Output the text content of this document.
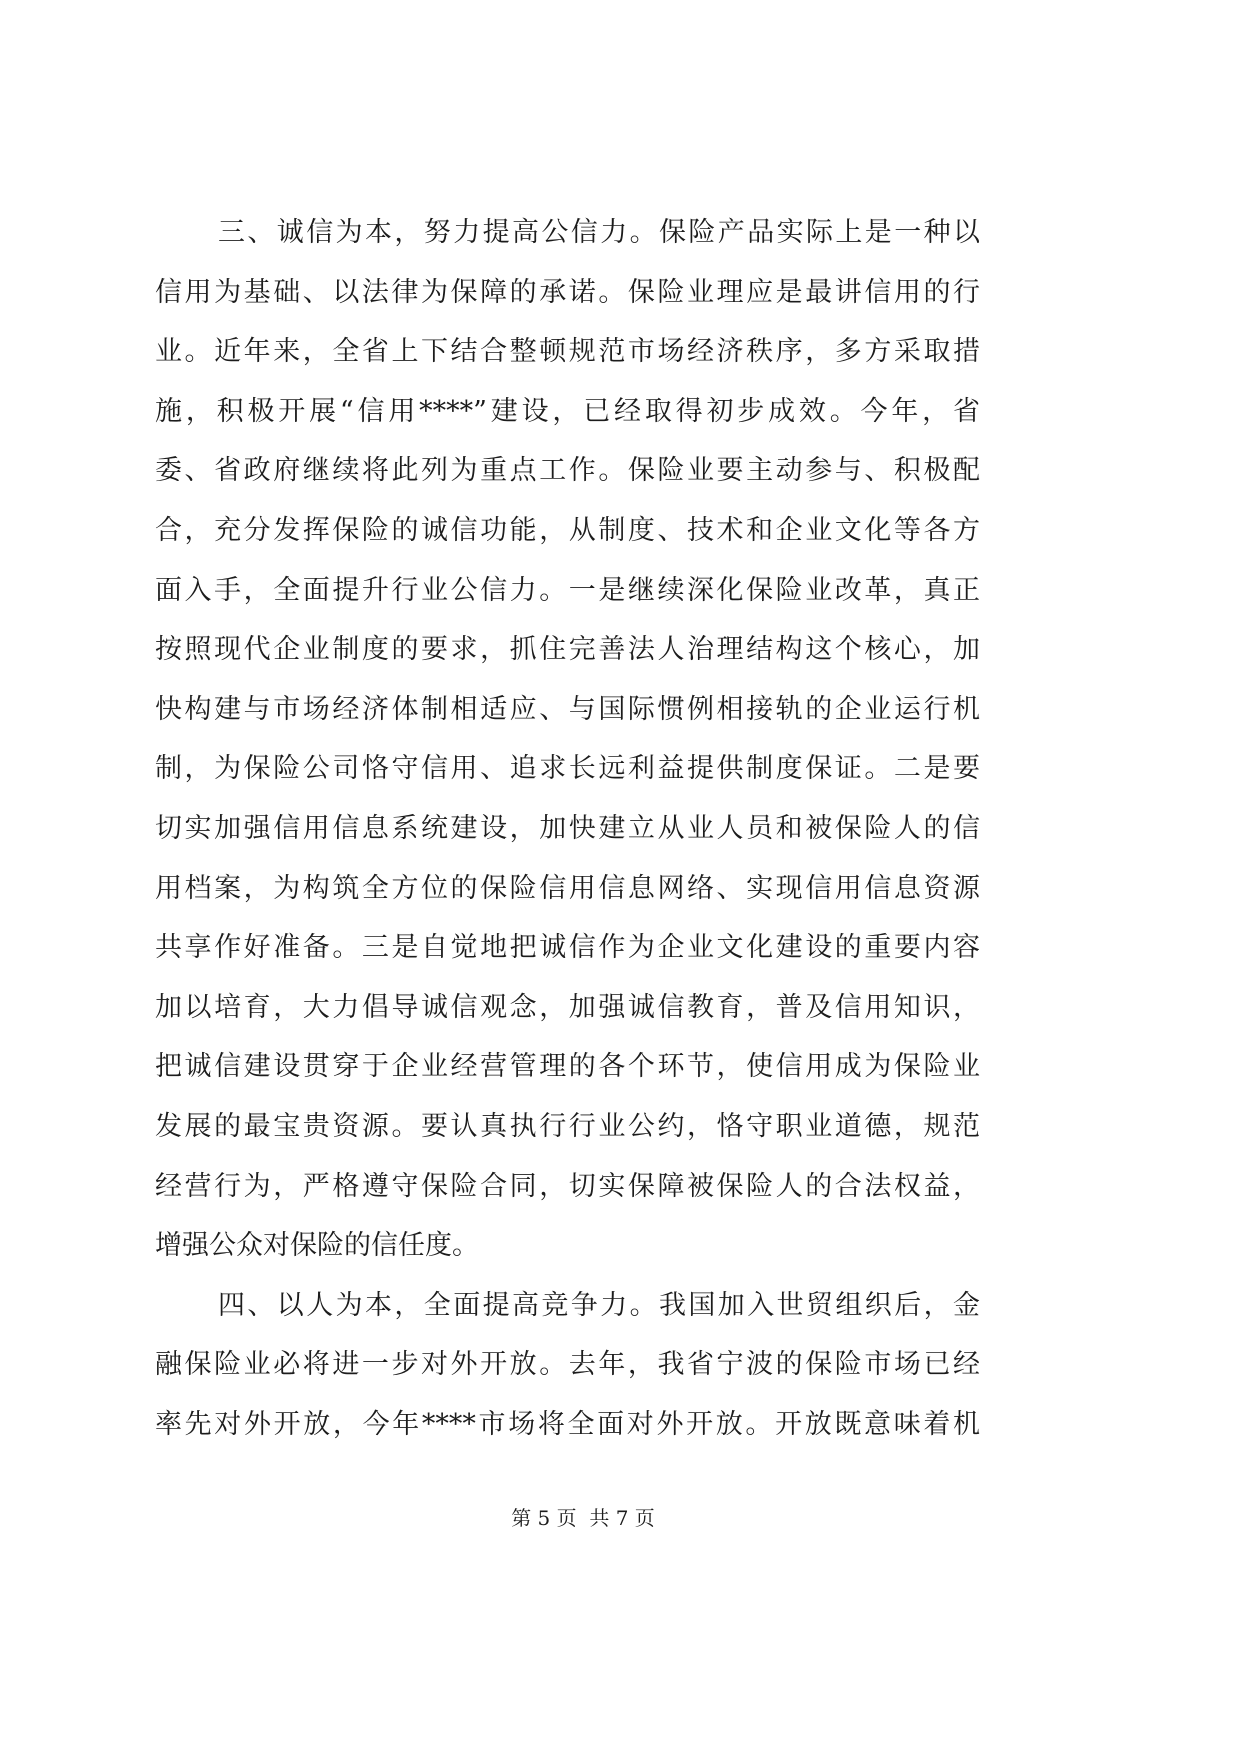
三、诚信为本，努力提高公信力。保险产品实际上是一种以
信用为基础、以法律为保障的承诺。保险业理应是最讲信用的行
业。近年来，全省上下结合整顿规范市场经济秩序，多方采取措
施，积极开展“信用****”建设，已经取得初步成效。今年，省
委、省政府继续将此列为重点工作。保险业要主动参与、积极配
合，充分发挥保险的诚信功能，从制度、技术和企业文化等各方
面入手，全面提升行业公信力。一是继续深化保险业改革，真正
按照现代企业制度的要求，抓住完善法人治理结构这个核心，加
快构建与市场经济体制相适应、与国际惯例相接轨的企业运行机
制，为保险公司恪守信用、追求长远利益提供制度保证。二是要
切实加强信用信息系统建设，加快建立从业人员和被保险人的信
用档案，为构筑全方位的保险信用信息网络、实现信用信息资源
共享作好准备。三是自觉地把诚信作为企业文化建设的重要内容
加以培育，大力倡导诚信观念，加强诚信教育，普及信用知识，
把诚信建设贯穿于企业经营管理的各个环节，使信用成为保险业
发展的最宝贵资源。要认真执行行业公约，恪守职业道德，规范
经营行为，严格遵守保险合同，切实保障被保险人的合法权益，
增强公众对保险的信任度。
四、以人为本，全面提高竞争力。我国加入世贸组织后，金
融保险业必将进一步对外开放。去年，我省宁波的保险市场已经
率先对外开放，今年****市场将全面对外开放。开放既意味着机
第 5 页  共 7 页
